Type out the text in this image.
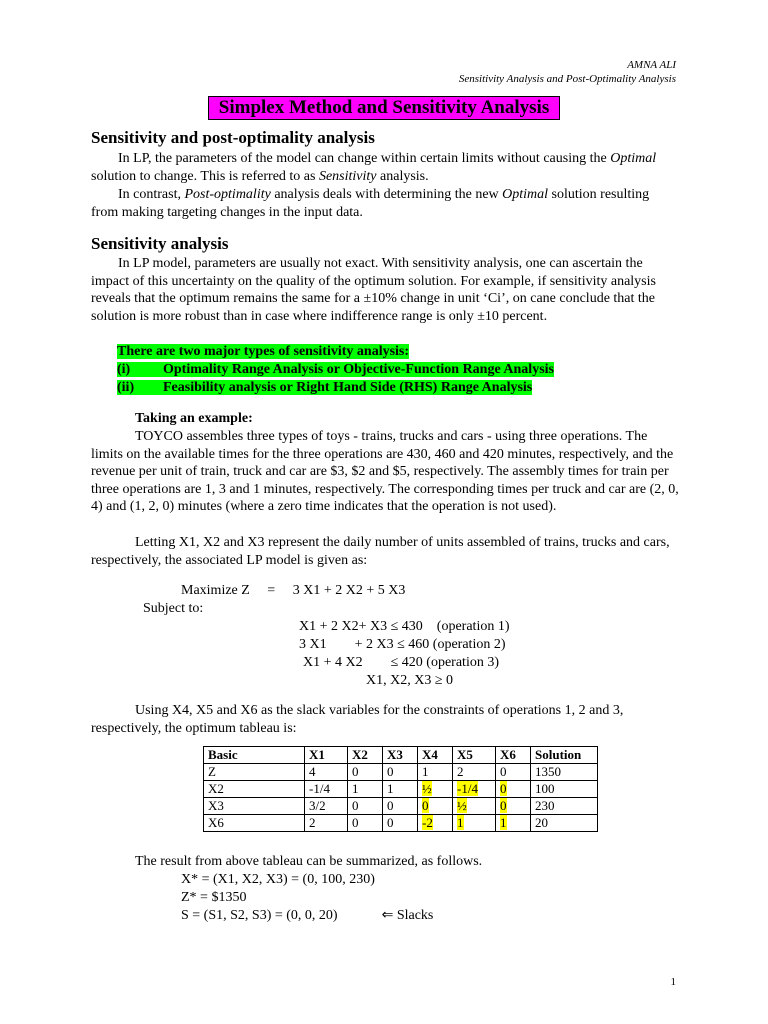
AMNA ALI
Sensitivity Analysis and Post-Optimality Analysis
Simplex Method and Sensitivity Analysis
Sensitivity and post-optimality analysis
In LP, the parameters of the model can change within certain limits without causing the Optimal solution to change. This is referred to as Sensitivity analysis.
In contrast, Post-optimality analysis deals with determining the new Optimal solution resulting from making targeting changes in the input data.
Sensitivity analysis
In LP model, parameters are usually not exact. With sensitivity analysis, one can ascertain the impact of this uncertainty on the quality of the optimum solution. For example, if sensitivity analysis reveals that the optimum remains the same for a ±10% change in unit ‘Ci’, on cane conclude that the solution is more robust than in case where indifference range is only ±10 percent.
There are two major types of sensitivity analysis:
(i) Optimality Range Analysis or Objective-Function Range Analysis
(ii) Feasibility analysis or Right Hand Side (RHS) Range Analysis
Taking an example:
TOYCO assembles three types of toys - trains, trucks and cars - using three operations. The limits on the available times for the three operations are 430, 460 and 420 minutes, respectively, and the revenue per unit of train, truck and car are $3, $2 and $5, respectively. The assembly times for train per three operations are 1, 3 and 1 minutes, respectively. The corresponding times per truck and car are (2, 0, 4) and (1, 2, 0) minutes (where a zero time indicates that the operation is not used).
Letting X1, X2 and X3 represent the daily number of units assembled of trains, trucks and cars, respectively, the associated LP model is given as:
Maximize Z     =     3 X1 + 2 X2 + 5 X3
Subject to:
X1 + 2 X2+ X3 ≤ 430    (operation 1)
3 X1        + 2 X3 ≤ 460 (operation 2)
X1 + 4 X2        ≤ 420 (operation 3)
X1, X2, X3 ≥ 0
Using X4, X5 and X6 as the slack variables for the constraints of operations 1, 2 and 3, respectively, the optimum tableau is:
Basic	X1	X2	X3	X4	X5	X6	Solution
Z	4	0	0	1	2	0	1350
X2	-1/4	1	1	½	-1/4	0	100
X3	3/2	0	0	0	½	0	230
X6	2	0	0	-2	1	1	20
The result from above tableau can be summarized, as follows.
X* = (X1, X2, X3) = (0, 100, 230)
Z* = $1350
S = (S1, S2, S3) = (0, 0, 20)	⇐ Slacks
1
